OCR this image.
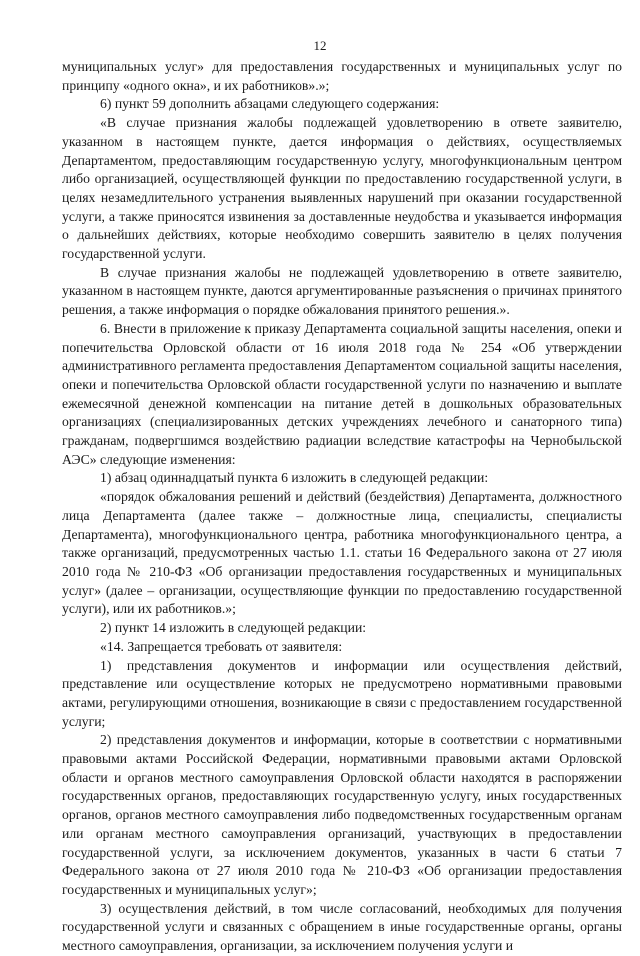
12

муниципальных услуг» для предоставления государственных и муниципальных услуг по принципу «одного окна», и их работников».»;

6) пункт 59 дополнить абзацами следующего содержания:

«В случае признания жалобы подлежащей удовлетворению в ответе заявителю, указанном в настоящем пункте, дается информация о действиях, осуществляемых Департаментом, предоставляющим государственную услугу, многофункциональным центром либо организацией, осуществляющей функции по предоставлению государственной услуги, в целях незамедлительного устранения выявленных нарушений при оказании государственной услуги, а также приносятся извинения за доставленные неудобства и указывается информация о дальнейших действиях, которые необходимо совершить заявителю в целях получения государственной услуги.

В случае признания жалобы не подлежащей удовлетворению в ответе заявителю, указанном в настоящем пункте, даются аргументированные разъяснения о причинах принятого решения, а также информация о порядке обжалования принятого решения.».

6. Внести в приложение к приказу Департамента социальной защиты населения, опеки и попечительства Орловской области от 16 июля 2018 года № 254 «Об утверждении административного регламента предоставления Департаментом социальной защиты населения, опеки и попечительства Орловской области государственной услуги по назначению и выплате ежемесячной денежной компенсации на питание детей в дошкольных образовательных организациях (специализированных детских учреждениях лечебного и санаторного типа) гражданам, подвергшимся воздействию радиации вследствие катастрофы на Чернобыльской АЭС» следующие изменения:

1) абзац одиннадцатый пункта 6 изложить в следующей редакции:

«порядок обжалования решений и действий (бездействия) Департамента, должностного лица Департамента (далее также – должностные лица, специалисты, специалисты Департамента), многофункционального центра, работника многофункционального центра, а также организаций, предусмотренных частью 1.1. статьи 16 Федерального закона от 27 июля 2010 года № 210-ФЗ «Об организации предоставления государственных и муниципальных услуг» (далее – организации, осуществляющие функции по предоставлению государственной услуги), или их работников.»;

2) пункт 14 изложить в следующей редакции:

«14. Запрещается требовать от заявителя:

1) представления документов и информации или осуществления действий, представление или осуществление которых не предусмотрено нормативными правовыми актами, регулирующими отношения, возникающие в связи с предоставлением государственной услуги;

2) представления документов и информации, которые в соответствии с нормативными правовыми актами Российской Федерации, нормативными правовыми актами Орловской области и органов местного самоуправления Орловской области находятся в распоряжении государственных органов, предоставляющих государственную услугу, иных государственных органов, органов местного самоуправления либо подведомственных государственным органам или органам местного самоуправления организаций, участвующих в предоставлении государственной услуги, за исключением документов, указанных в части 6 статьи 7 Федерального закона от 27 июля 2010 года № 210-ФЗ «Об организации предоставления государственных и муниципальных услуг»;

3) осуществления действий, в том числе согласований, необходимых для получения государственной услуги и связанных с обращением в иные государственные органы, органы местного самоуправления, организации, за исключением получения услуги и
